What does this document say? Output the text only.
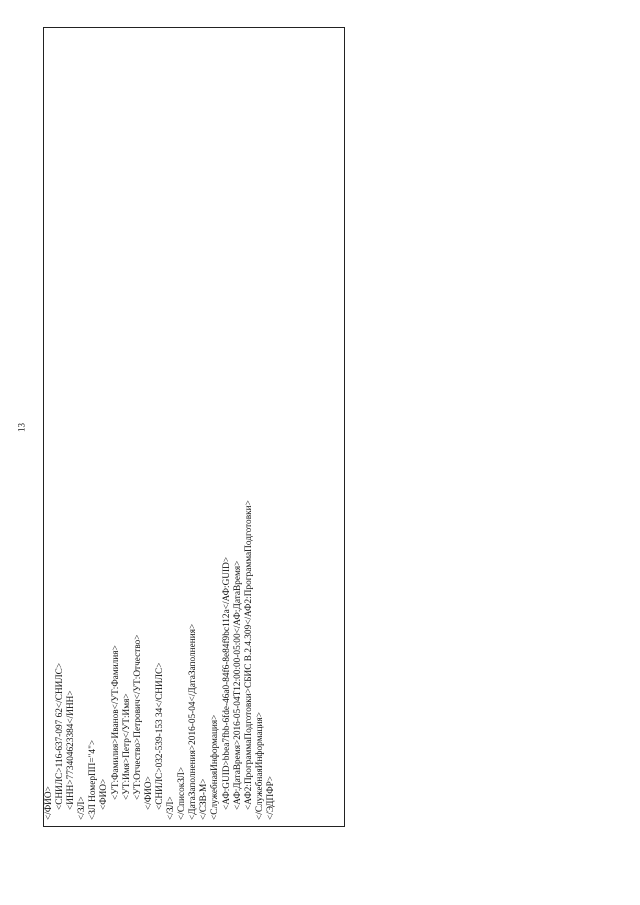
13
</ФИО> <СНИЛС>116-637-097 62</СНИЛС> <ИНН>773404623384</ИНН> </ЗЛ> <ЗЛ НомерПП="4"> <ФИО> <УТ:Фамилия>Иванов</УТ:Фамилия> <УТ:Имя>Петр</УТ:Имя> <УТ:Отчество>Петрович</УТ:Отчество> </ФИО> <СНИЛС>032-539-153 34</СНИЛС> </ЗЛ> </СписокЗЛ> <ДатаЗаполнения>2016-05-04</ДатаЗаполнения> </СЗВ-М> <СлужебнаяИнформация> <АФ:GUID>bbea7fbb-6fde-46a0-84f6-8e84f9bc112a</АФ:GUID> <АФ:ДатаВремя>2016-05-04T12:00:00-05:00</АФ:ДатаВремя> <АФ2:ПрограммаПодготовки>СБИС В.2.4.309</АФ2:ПрограммаПодготовки> </СлужебнаяИнформация> </ЭДПФР>
